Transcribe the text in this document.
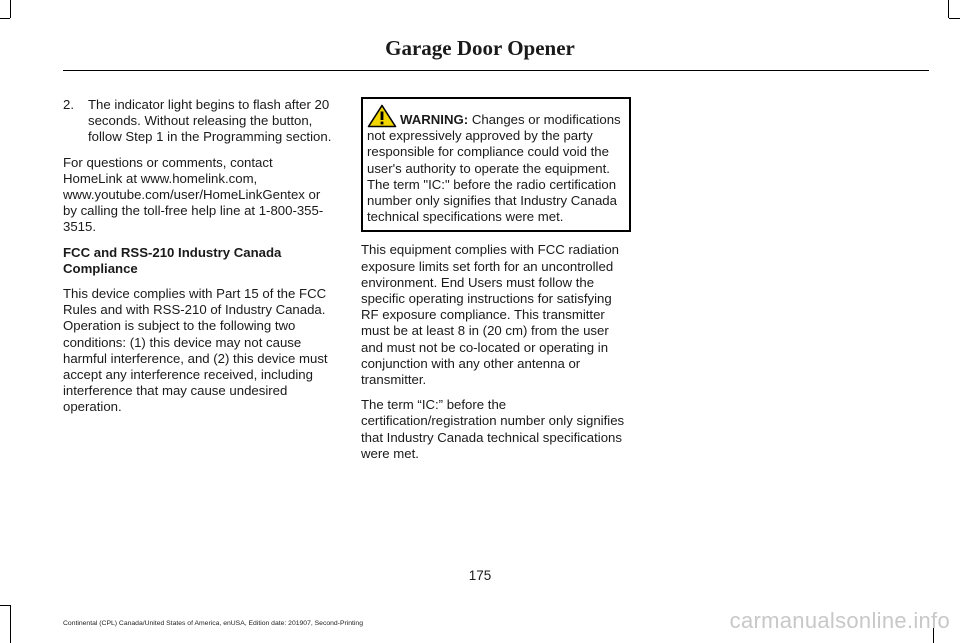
Garage Door Opener
2.	The indicator light begins to flash after 20 seconds. Without releasing the button, follow Step 1 in the Programming section.

For questions or comments, contact HomeLink at www.homelink.com, www.youtube.com/user/HomeLinkGentex or by calling the toll-free help line at 1-800-355-3515.

FCC and RSS-210 Industry Canada Compliance

This device complies with Part 15 of the FCC Rules and with RSS-210 of Industry Canada. Operation is subject to the following two conditions: (1) this device may not cause harmful interference, and (2) this device must accept any interference received, including interference that may cause undesired operation.

WARNING: Changes or modifications not expressively approved by the party responsible for compliance could void the user's authority to operate the equipment. The term "IC:" before the radio certification number only signifies that Industry Canada technical specifications were met.

This equipment complies with FCC radiation exposure limits set forth for an uncontrolled environment. End Users must follow the specific operating instructions for satisfying RF exposure compliance. This transmitter must be at least 8 in (20 cm) from the user and must not be co-located or operating in conjunction with any other antenna or transmitter.

The term “IC:” before the certification/registration number only signifies that Industry Canada technical specifications were met.

175
Continental (CPL) Canada/United States of America, enUSA, Edition date: 201907, Second-Printing	carmanualsonline.info
